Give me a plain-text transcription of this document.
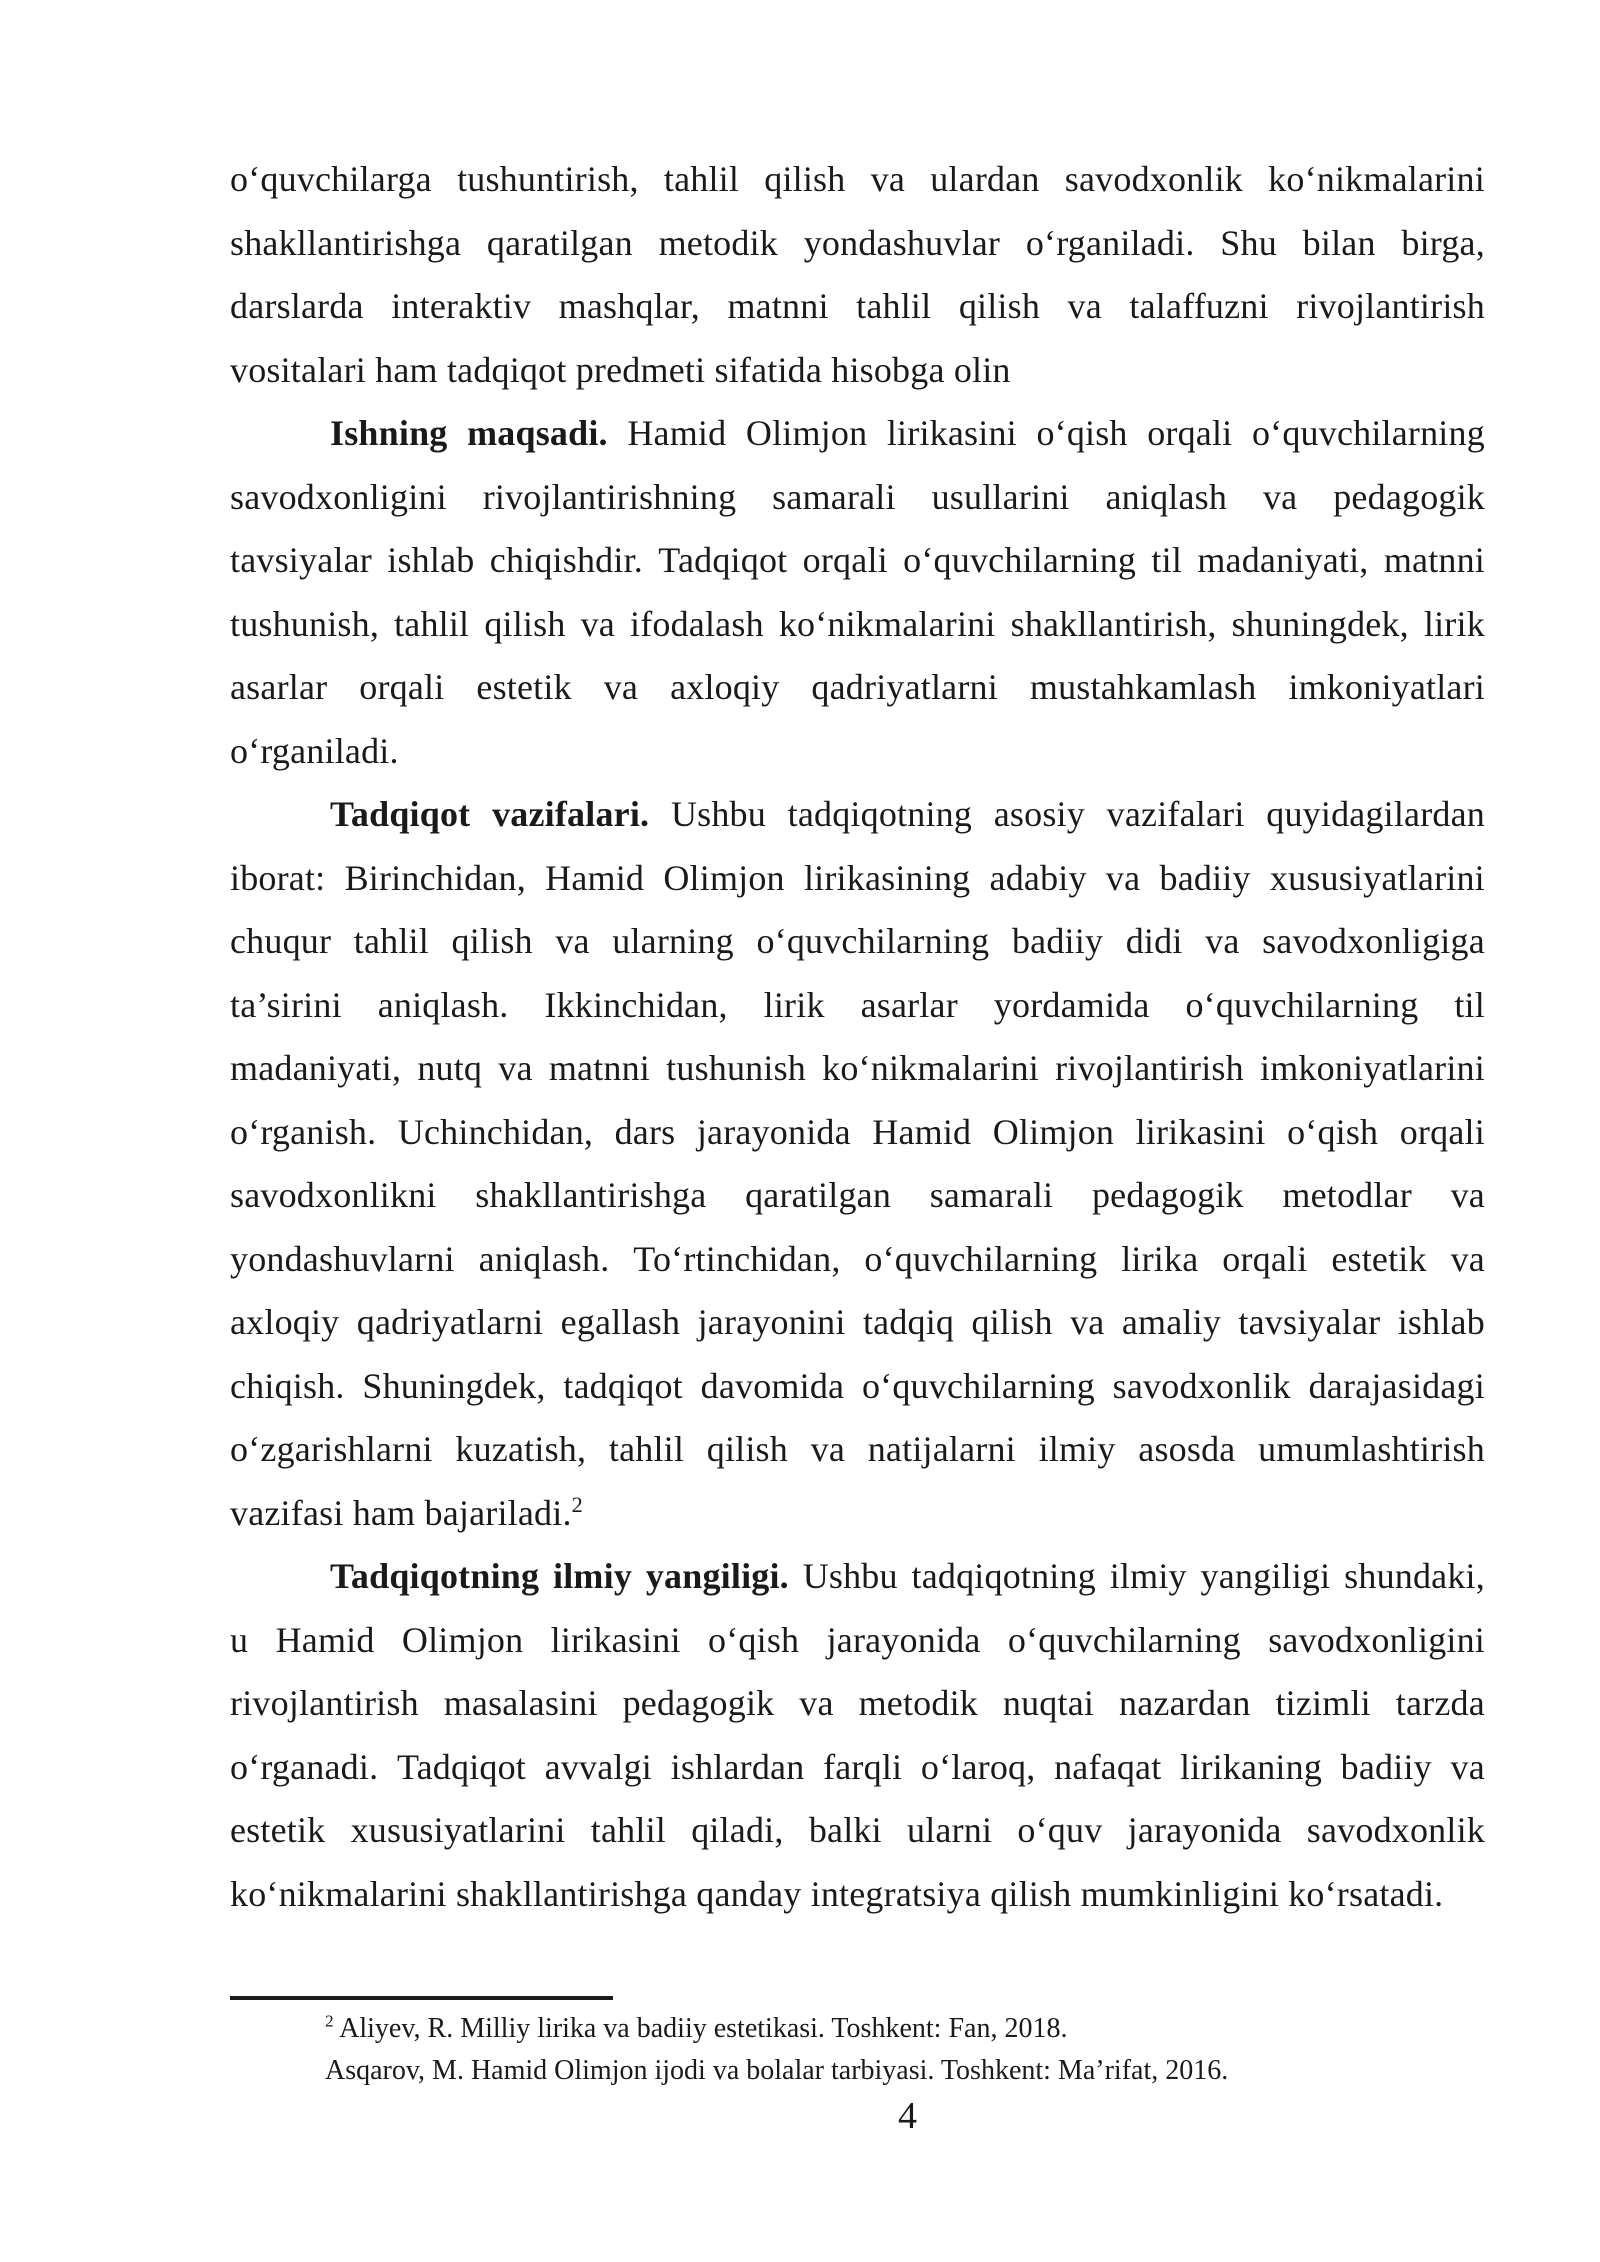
oʻquvchilarga tushuntirish, tahlil qilish va ulardan savodxonlik koʻnikmalarini
shakllantirishga qaratilgan metodik yondashuvlar oʻrganiladi. Shu bilan birga,
darslarda interaktiv mashqlar, matnni tahlil qilish va talaffuzni rivojlantirish
vositalari ham tadqiqot predmeti sifatida hisobga olin
Ishning maqsadi. Hamid Olimjon lirikasini oʻqish orqali oʻquvchilarning
savodxonligini rivojlantirishning samarali usullarini aniqlash va pedagogik
tavsiyalar ishlab chiqishdir. Tadqiqot orqali oʻquvchilarning til madaniyati, matnni
tushunish, tahlil qilish va ifodalash koʻnikmalarini shakllantirish, shuningdek, lirik
asarlar orqali estetik va axloqiy qadriyatlarni mustahkamlash imkoniyatlari
oʻrganiladi.
Tadqiqot vazifalari. Ushbu tadqiqotning asosiy vazifalari quyidagilardan
iborat: Birinchidan, Hamid Olimjon lirikasining adabiy va badiiy xususiyatlarini
chuqur tahlil qilish va ularning oʻquvchilarning badiiy didi va savodxonligiga
ta’sirini aniqlash. Ikkinchidan, lirik asarlar yordamida oʻquvchilarning til
madaniyati, nutq va matnni tushunish koʻnikmalarini rivojlantirish imkoniyatlarini
oʻrganish. Uchinchidan, dars jarayonida Hamid Olimjon lirikasini oʻqish orqali
savodxonlikni shakllantirishga qaratilgan samarali pedagogik metodlar va
yondashuvlarni aniqlash. Toʻrtinchidan, oʻquvchilarning lirika orqali estetik va
axloqiy qadriyatlarni egallash jarayonini tadqiq qilish va amaliy tavsiyalar ishlab
chiqish. Shuningdek, tadqiqot davomida oʻquvchilarning savodxonlik darajasidagi
oʻzgarishlarni kuzatish, tahlil qilish va natijalarni ilmiy asosda umumlashtirish
vazifasi ham bajariladi.$^2$
Tadqiqotning ilmiy yangiligi. Ushbu tadqiqotning ilmiy yangiligi shundaki,
u Hamid Olimjon lirikasini oʻqish jarayonida oʻquvchilarning savodxonligini
rivojlantirish masalasini pedagogik va metodik nuqtai nazardan tizimli tarzda
oʻrganadi. Tadqiqot avvalgi ishlardan farqli oʻlaroq, nafaqat lirikaning badiiy va
estetik xususiyatlarini tahlil qiladi, balki ularni oʻquv jarayonida savodxonlik
koʻnikmalarini shakllantirishga qanday integratsiya qilish mumkinligini koʻrsatadi.
$^2$ Aliyev, R. Milliy lirika va badiiy estetikasi. Toshkent: Fan, 2018.
Asqarov, M. Hamid Olimjon ijodi va bolalar tarbiyasi. Toshkent: Ma’rifat, 2016.
4
